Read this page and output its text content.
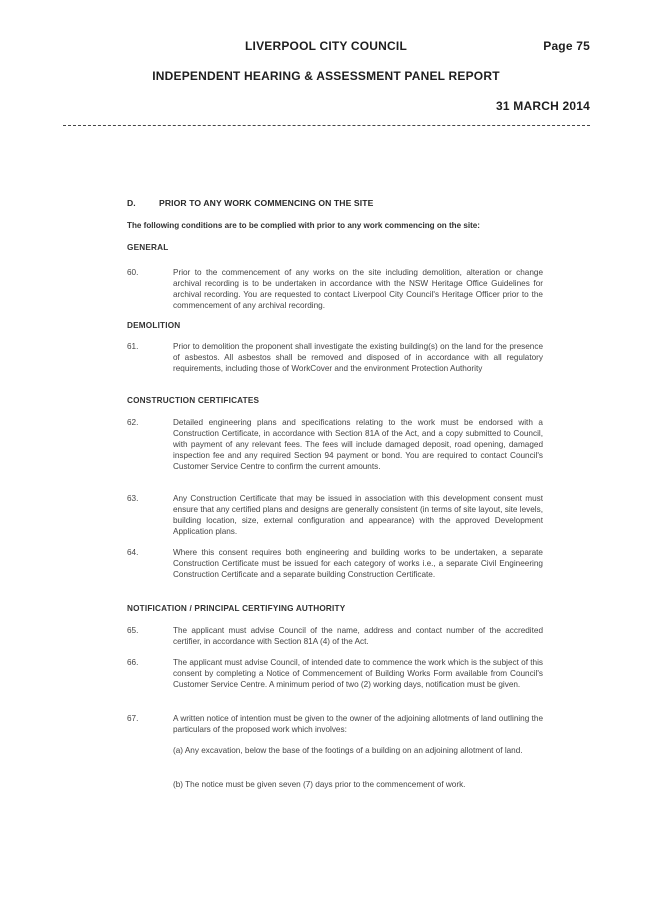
LIVERPOOL CITY COUNCIL	Page 75
INDEPENDENT HEARING & ASSESSMENT PANEL REPORT
31 MARCH 2014
D.	PRIOR TO ANY WORK COMMENCING ON THE SITE
The following conditions are to be complied with prior to any work commencing on the site:
GENERAL
60.	Prior to the commencement of any works on the site including demolition, alteration or change archival recording is to be undertaken in accordance with the NSW Heritage Office Guidelines for archival recording. You are requested to contact Liverpool City Council's Heritage Officer prior to the commencement of any archival recording.
DEMOLITION
61.	Prior to demolition the proponent shall investigate the existing building(s) on the land for the presence of asbestos. All asbestos shall be removed and disposed of in accordance with all regulatory requirements, including those of WorkCover and the environment Protection Authority
CONSTRUCTION CERTIFICATES
62.	Detailed engineering plans and specifications relating to the work must be endorsed with a Construction Certificate, in accordance with Section 81A of the Act, and a copy submitted to Council, with payment of any relevant fees. The fees will include damaged deposit, road opening, damaged inspection fee and any required Section 94 payment or bond. You are required to contact Council's Customer Service Centre to confirm the current amounts.
63.	Any Construction Certificate that may be issued in association with this development consent must ensure that any certified plans and designs are generally consistent (in terms of site layout, site levels, building location, size, external configuration and appearance) with the approved Development Application plans.
64.	Where this consent requires both engineering and building works to be undertaken, a separate Construction Certificate must be issued for each category of works i.e., a separate Civil Engineering Construction Certificate and a separate building Construction Certificate.
NOTIFICATION / PRINCIPAL CERTIFYING AUTHORITY
65.	The applicant must advise Council of the name, address and contact number of the accredited certifier, in accordance with Section 81A (4) of the Act.
66.	The applicant must advise Council, of intended date to commence the work which is the subject of this consent by completing a Notice of Commencement of Building Works Form available from Council's Customer Service Centre. A minimum period of two (2) working days, notification must be given.
67.	A written notice of intention must be given to the owner of the adjoining allotments of land outlining the particulars of the proposed work which involves:
(a) Any excavation, below the base of the footings of a building on an adjoining allotment of land.
(b) The notice must be given seven (7) days prior to the commencement of work.
